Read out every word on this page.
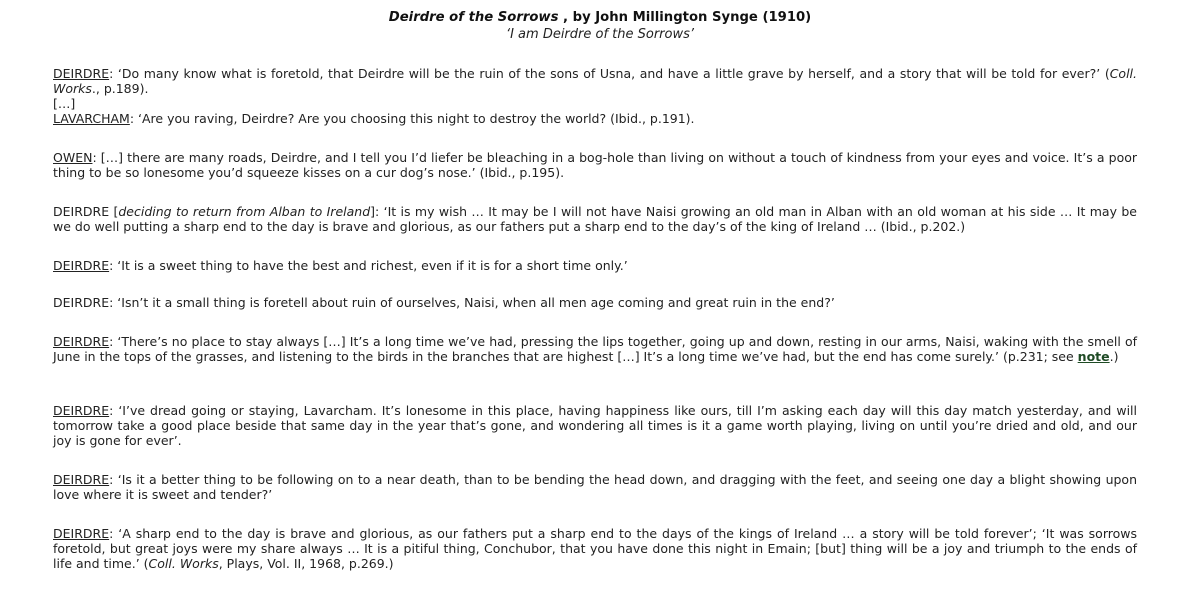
Deirdre of the Sorrows , by John Millington Synge (1910)
‘I am Deirdre of the Sorrows’

DEIRDRE: ‘Do many know what is foretold, that Deirdre will be the ruin of the sons of Usna, and have a little grave by herself, and a story that will be told for ever?’ (Coll. Works., p.189).
[…]
LAVARCHAM: ‘Are you raving, Deirdre? Are you choosing this night to destroy the world? (Ibid., p.191).

OWEN: […] there are many roads, Deirdre, and I tell you I’d liefer be bleaching in a bog-hole than living on without a touch of kindness from your eyes and voice. It’s a poor thing to be so lonesome you’d squeeze kisses on a cur dog’s nose.’ (Ibid., p.195).

DEIRDRE [deciding to return from Alban to Ireland]: ‘It is my wish … It may be I will not have Naisi growing an old man in Alban with an old woman at his side … It may be we do well putting a sharp end to the day is brave and glorious, as our fathers put a sharp end to the day’s of the king of Ireland … (Ibid., p.202.)

DEIRDRE: ‘It is a sweet thing to have the best and richest, even if it is for a short time only.’

DEIRDRE: ‘Isn’t it a small thing is foretell about ruin of ourselves, Naisi, when all men age coming and great ruin in the end?’

DEIRDRE: ‘There’s no place to stay always […] It’s a long time we’ve had, pressing the lips together, going up and down, resting in our arms, Naisi, waking with the smell of June in the tops of the grasses, and listening to the birds in the branches that are highest […] It’s a long time we’ve had, but the end has come surely.’ (p.231; see note.)

DEIRDRE: ‘I’ve dread going or staying, Lavarcham. It’s lonesome in this place, having happiness like ours, till I’m asking each day will this day match yesterday, and will tomorrow take a good place beside that same day in the year that’s gone, and wondering all times is it a game worth playing, living on until you’re dried and old, and our joy is gone for ever’.

DEIRDRE: ‘Is it a better thing to be following on to a near death, than to be bending the head down, and dragging with the feet, and seeing one day a blight showing upon love where it is sweet and tender?’

DEIRDRE: ‘A sharp end to the day is brave and glorious, as our fathers put a sharp end to the days of the kings of Ireland … a story will be told forever’; ‘It was sorrows foretold, but great joys were my share always … It is a pitiful thing, Conchubor, that you have done this night in Emain; [but] thing will be a joy and triumph to the ends of life and time.’ (Coll. Works, Plays, Vol. II, 1968, p.269.)
